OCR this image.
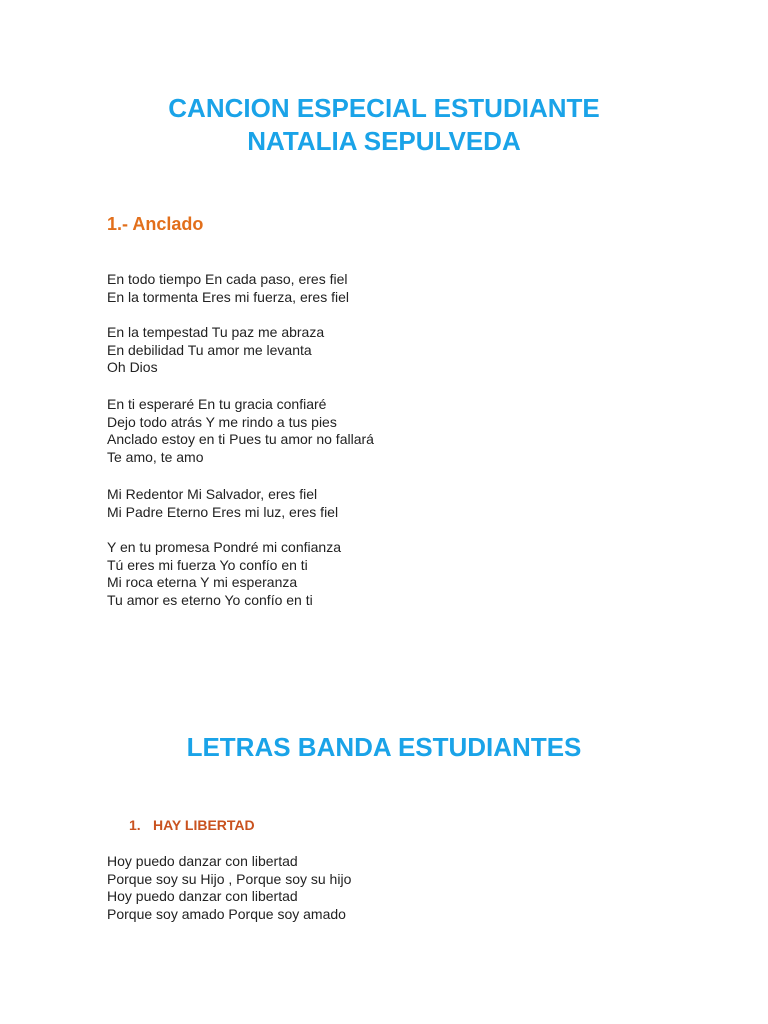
CANCION ESPECIAL ESTUDIANTE
NATALIA SEPULVEDA
1.- Anclado
En todo tiempo En cada paso, eres fiel
En la tormenta Eres mi fuerza, eres fiel
En la tempestad Tu paz me abraza
En debilidad Tu amor me levanta
Oh Dios
En ti esperaré En tu gracia confiaré
Dejo todo atrás Y me rindo a tus pies
Anclado estoy en ti Pues tu amor no fallará
Te amo, te amo
Mi Redentor Mi Salvador, eres fiel
Mi Padre Eterno Eres mi luz, eres fiel
Y en tu promesa Pondré mi confianza
Tú eres mi fuerza Yo confío en ti
Mi roca eterna Y mi esperanza
Tu amor es eterno Yo confío en ti
LETRAS BANDA ESTUDIANTES
1. HAY LIBERTAD
Hoy puedo danzar con libertad
Porque soy su Hijo , Porque soy su hijo
Hoy puedo danzar con libertad
Porque soy amado Porque soy amado
